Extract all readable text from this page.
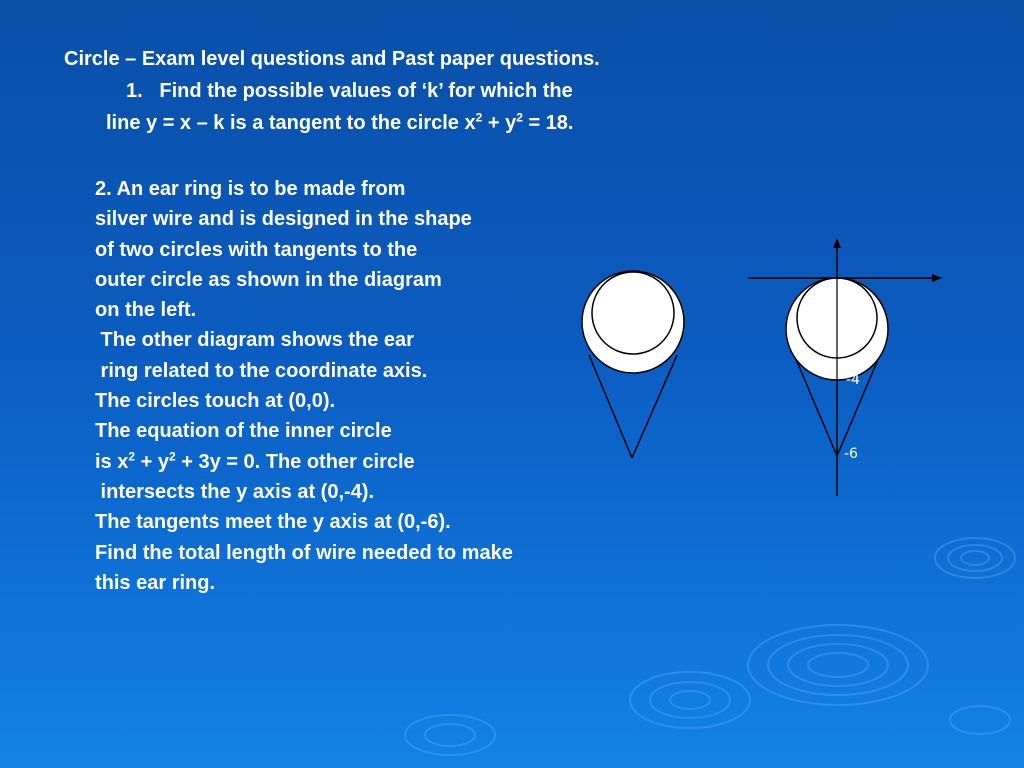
Circle – Exam level questions and Past paper questions.
1. Find the possible values of ‘k’ for which the
line y = x – k is a tangent to the circle $x^2 + y^2 = 18$.
2. An ear ring is to be made from
silver wire and is designed in the shape
of two circles with tangents to the
outer circle as shown in the diagram
on the left.
The other diagram shows the ear
ring related to the coordinate axis.
The circles touch at (0,0).
The equation of the inner circle
is $x^2 + y^2 + 3y = 0$. The other circle
intersects the y axis at (0,-4).
The tangents meet the y axis at (0,-6).
Find the total length of wire needed to make
this ear ring.
-4
-6
